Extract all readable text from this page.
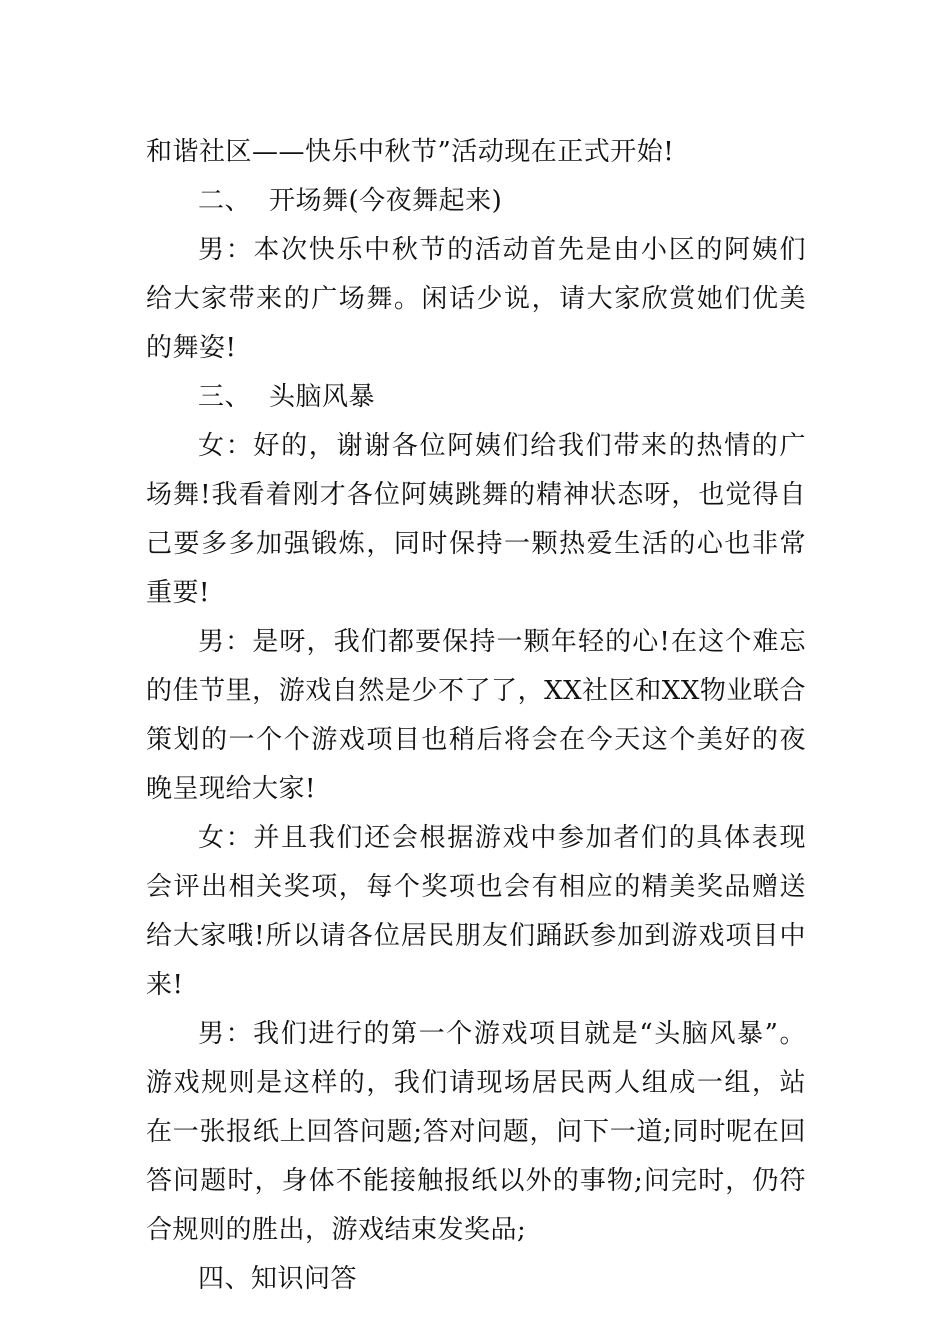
和谐社区——快乐中秋节”活动现在正式开始!

二、 开场舞(今夜舞起来)

男：本次快乐中秋节的活动首先是由小区的阿姨们给大家带来的广场舞。闲话少说，请大家欣赏她们优美的舞姿!

三、 头脑风暴

女：好的，谢谢各位阿姨们给我们带来的热情的广场舞!我看着刚才各位阿姨跳舞的精神状态呀，也觉得自己要多多加强锻炼，同时保持一颗热爱生活的心也非常重要!

男：是呀，我们都要保持一颗年轻的心!在这个难忘的佳节里，游戏自然是少不了了，XX社区和XX物业联合策划的一个个游戏项目也稍后将会在今天这个美好的夜晚呈现给大家!

女：并且我们还会根据游戏中参加者们的具体表现会评出相关奖项，每个奖项也会有相应的精美奖品赠送给大家哦!所以请各位居民朋友们踊跃参加到游戏项目中来!

男：我们进行的第一个游戏项目就是“头脑风暴”。游戏规则是这样的，我们请现场居民两人组成一组，站在一张报纸上回答问题;答对问题，问下一道;同时呢在回答问题时，身体不能接触报纸以外的事物;问完时，仍符合规则的胜出，游戏结束发奖品;

四、知识问答
